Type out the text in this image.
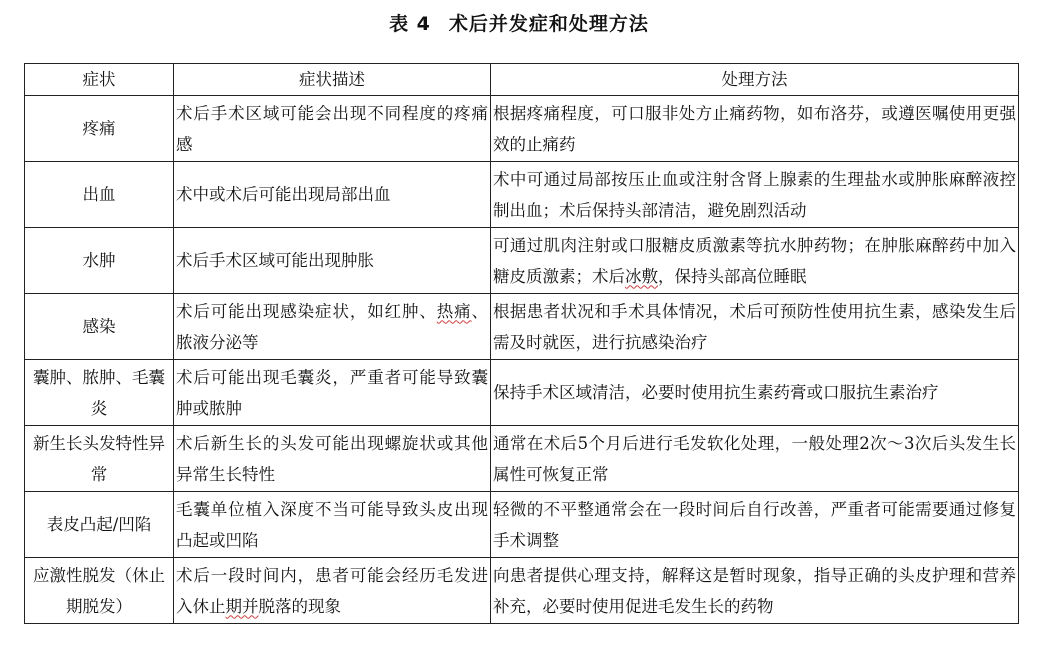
表 4 术后并发症和处理方法
症状	症状描述	处理方法
疼痛	术后手术区域可能会出现不同程度的疼痛感	根据疼痛程度，可口服非处方止痛药物，如布洛芬，或遵医嘱使用更强效的止痛药
出血	术中或术后可能出现局部出血	术中可通过局部按压止血或注射含肾上腺素的生理盐水或肿胀麻醉液控制出血；术后保持头部清洁，避免剧烈活动
水肿	术后手术区域可能出现肿胀	可通过肌肉注射或口服糖皮质激素等抗水肿药物；在肿胀麻醉药中加入糖皮质激素；术后冰敷，保持头部高位睡眠
感染	术后可能出现感染症状，如红肿、热痛、脓液分泌等	根据患者状况和手术具体情况，术后可预防性使用抗生素，感染发生后需及时就医，进行抗感染治疗
囊肿、脓肿、毛囊炎	术后可能出现毛囊炎，严重者可能导致囊肿或脓肿	保持手术区域清洁，必要时使用抗生素药膏或口服抗生素治疗
新生长头发特性异常	术后新生长的头发可能出现螺旋状或其他异常生长特性	通常在术后5个月后进行毛发软化处理，一般处理2次～3次后头发生长属性可恢复正常
表皮凸起/凹陷	毛囊单位植入深度不当可能导致头皮出现凸起或凹陷	轻微的不平整通常会在一段时间后自行改善，严重者可能需要通过修复手术调整
应激性脱发（休止期脱发）	术后一段时间内，患者可能会经历毛发进入休止期并脱落的现象	向患者提供心理支持，解释这是暂时现象，指导正确的头皮护理和营养补充，必要时使用促进毛发生长的药物
